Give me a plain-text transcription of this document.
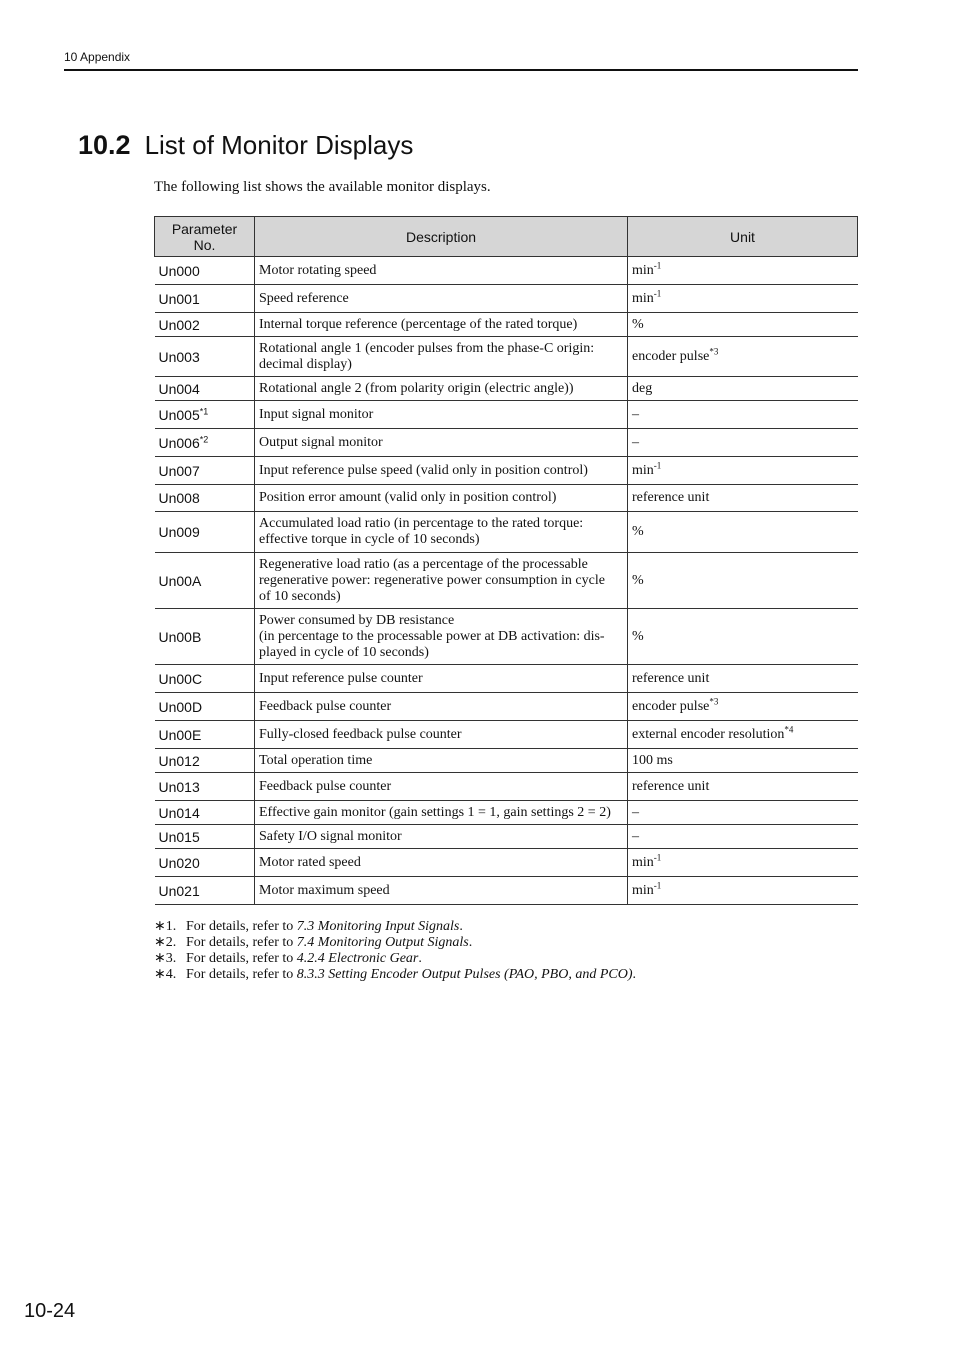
10 Appendix
10.2 List of Monitor Displays
The following list shows the available monitor displays.
Parameter No.	Description	Unit
Un000	Motor rotating speed	$\min^{-1}$
Un001	Speed reference	$\min^{-1}$
Un002	Internal torque reference (percentage of the rated torque)	%
Un003	Rotational angle 1 (encoder pulses from the phase-C origin:
decimal display)	encoder pulse$^{*3}$
Un004	Rotational angle 2 (from polarity origin (electric angle))	deg
Un005$^{*1}$	Input signal monitor	–
Un006$^{*2}$	Output signal monitor	–
Un007	Input reference pulse speed (valid only in position control)	$\min^{-1}$
Un008	Position error amount (valid only in position control)	reference unit
Un009	Accumulated load ratio (in percentage to the rated torque:
effective torque in cycle of 10 seconds)	%
Un00A	Regenerative load ratio (as a percentage of the processable
regenerative power: regenerative power consumption in cycle
of 10 seconds)	%
Un00B	Power consumed by DB resistance
(in percentage to the processable power at DB activation: dis-
played in cycle of 10 seconds)	%
Un00C	Input reference pulse counter	reference unit
Un00D	Feedback pulse counter	encoder pulse$^{*3}$
Un00E	Fully-closed feedback pulse counter	external encoder resolution$^{*4}$
Un012	Total operation time	100 ms
Un013	Feedback pulse counter	reference unit
Un014	Effective gain monitor (gain settings 1 = 1, gain settings 2 = 2)	–
Un015	Safety I/O signal monitor	–
Un020	Motor rated speed	$\min^{-1}$
Un021	Motor maximum speed	$\min^{-1}$
∗1. For details, refer to 7.3 Monitoring Input Signals.
∗2. For details, refer to 7.4 Monitoring Output Signals.
∗3. For details, refer to 4.2.4 Electronic Gear.
∗4. For details, refer to 8.3.3 Setting Encoder Output Pulses (PAO, PBO, and PCO).
10-24
